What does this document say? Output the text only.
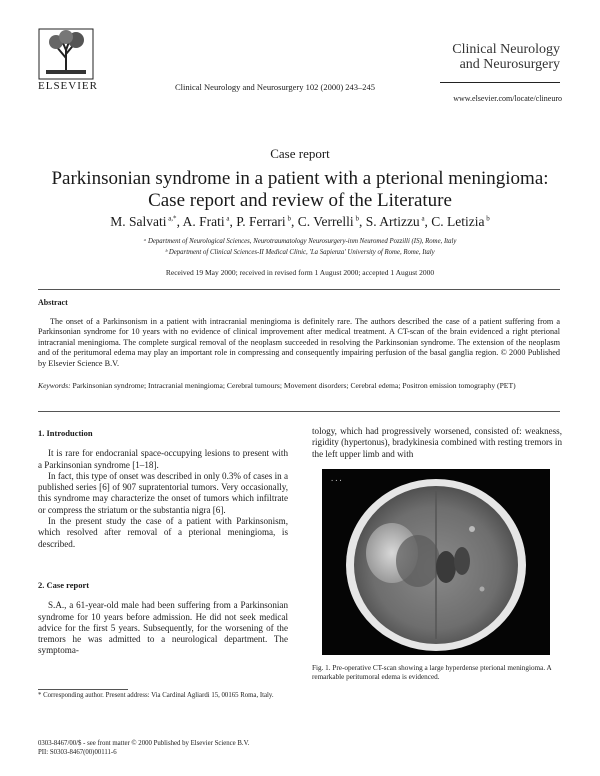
ELSEVIER	Clinical Neurology and Neurosurgery 102 (2000) 243–245
Clinical Neurology
and Neurosurgery
www.elsevier.com/locate/clineuro
Case report
Parkinsonian syndrome in a patient with a pterional meningioma:
Case report and review of the Literature
M. Salvati $^{a,*}$, A. Frati $^a$, P. Ferrari $^b$, C. Verrelli $^b$, S. Artizzu $^a$, C. Letizia $^b$
ᵃ Department of Neurological Sciences, Neurotraumatology Neurosurgery-inm Neuromed Pozzilli (IS), Rome, Italy
ᵇ Department of Clinical Sciences-II Medical Clinic, 'La Sapienza' University of Rome, Rome, Italy
Received 19 May 2000; received in revised form 1 August 2000; accepted 1 August 2000
Abstract
The onset of a Parkinsonism in a patient with intracranial meningioma is definitely rare. The authors described the case of a patient suffering from a Parkinsonian syndrome for 10 years with no evidence of clinical improvement after medical treatment. A CT-scan of the brain evidenced a right pterional intracranial meningioma. The complete surgical removal of the neoplasm succeeded in resolving the Parkinsonian syndrome. The extension of the neoplasm and of the peritumoral edema may play an important role in compressing and consequently impairing perfusion of the basal ganglia region. © 2000 Published by Elsevier Science B.V.
Keywords: Parkinsonian syndrome; Intracranial meningioma; Cerebral tumours; Movement disorders; Cerebral edema; Positron emission tomography (PET)
1. Introduction

It is rare for endocranial space-occupying lesions to present with a Parkinsonian syndrome [1–18].

In fact, this type of onset was described in only 0.3% of cases in a published series [6] of 907 supratentorial tumors. Very occasionally, this syndrome may characterize the onset of tumors which infiltrate or compress the striatum or the substantia nigra [6].

In the present study the case of a patient with Parkinsonism, which resolved after removal of a pterional meningioma, is described.

2. Case report

S.A., a 61-year-old male had been suffering from a Parkinsonian syndrome for 10 years before admission. He did not seek medical advice for the first 5 years. Subsequently, for the worsening of the tremors he was admitted to a neurological department. The symptoma-

tology, which had progressively worsened, consisted of: weakness, rigidity (hypertonus), bradykinesia combined with resting tremors in the left upper limb and with

···
Fig. 1. Pre-operative CT-scan showing a large hyperdense pterional meningioma. A remarkable peritumoral edema is evidenced.
* Corresponding author. Present address: Via Cardinal Agliardi 15, 00165 Roma, Italy.
0303-8467/00/$ - see front matter © 2000 Published by Elsevier Science B.V.
PII: S0303-8467(00)00111-6
